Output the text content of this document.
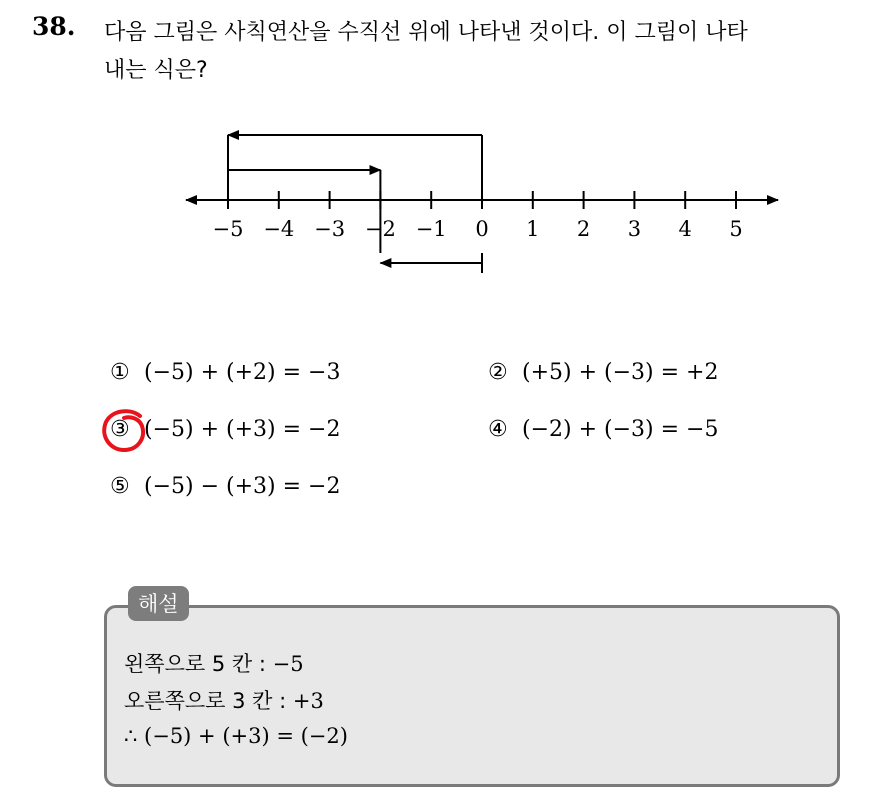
38. 다음 그림은 사칙연산을 수직선 위에 나타낸 것이다. 이 그림이 나타
내는 식은?
−5 −4 −3 −2 −1 0 1 2 3 4 5
① (−5) + (+2) = −3	② (+5) + (−3) = +2
③ (−5) + (+3) = −2	④ (−2) + (−3) = −5
⑤ (−5) − (+3) = −2
해설
왼쪽으로 5 칸 : −5
오른쪽으로 3 칸 : +3
∴ (−5) + (+3) = (−2)
